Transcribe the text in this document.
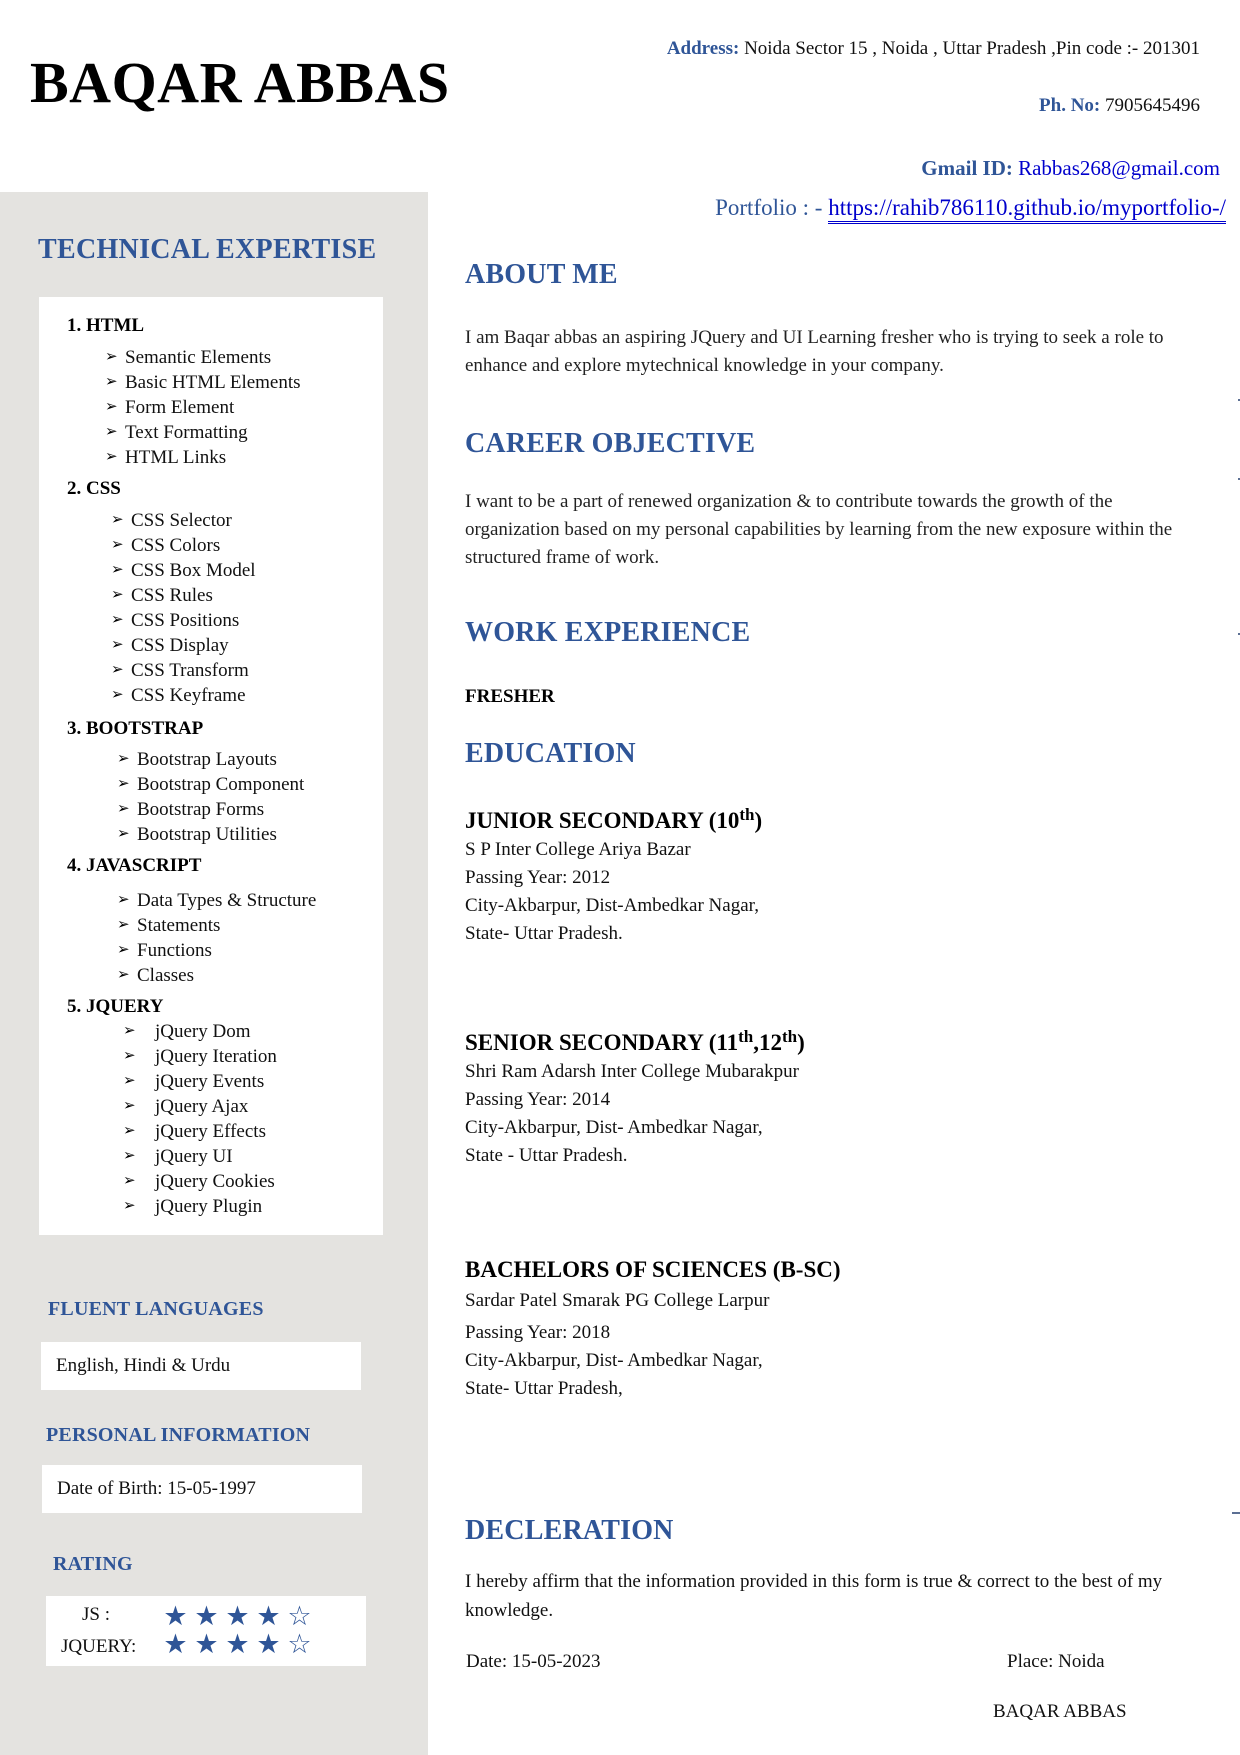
BAQAR ABBAS
Address: Noida Sector 15 , Noida , Uttar Pradesh ,Pin code :- 201301
Ph. No: 7905645496
Gmail ID: Rabbas268@gmail.com
Portfolio : - https://rahib786110.github.io/myportfolio-/
TECHNICAL EXPERTISE
1. HTML
➢ Semantic Elements
➢ Basic HTML Elements
➢ Form Element
➢ Text Formatting
➢ HTML Links
2. CSS
➢ CSS Selector
➢ CSS Colors
➢ CSS Box Model
➢ CSS Rules
➢ CSS Positions
➢ CSS Display
➢ CSS Transform
➢ CSS Keyframe
3. BOOTSTRAP
➢ Bootstrap Layouts
➢ Bootstrap Component
➢ Bootstrap Forms
➢ Bootstrap Utilities
4. JAVASCRIPT
➢ Data Types & Structure
➢ Statements
➢ Functions
➢ Classes
5. JQUERY
➢	jQuery Dom
➢	jQuery Iteration
➢	jQuery Events
➢	jQuery Ajax
➢	jQuery Effects
➢	jQuery UI
➢	jQuery Cookies
➢	jQuery Plugin
FLUENT LANGUAGES
English, Hindi & Urdu
PERSONAL INFORMATION
Date of Birth: 15-05-1997
RATING
JS : ★ ★ ★ ★ ☆
JQUERY: ★ ★ ★ ★ ☆
ABOUT ME
I am Baqar abbas an aspiring JQuery and UI Learning fresher who is trying to seek a role to enhance and explore mytechnical knowledge in your company.
CAREER OBJECTIVE
I want to be a part of renewed organization & to contribute towards the growth of the organization based on my personal capabilities by learning from the new exposure within the structured frame of work.
WORK EXPERIENCE
FRESHER
EDUCATION
JUNIOR SECONDARY (10th)
S P Inter College Ariya Bazar
Passing Year: 2012
City-Akbarpur, Dist-Ambedkar Nagar,
State- Uttar Pradesh.
SENIOR SECONDARY (11th,12th)
Shri Ram Adarsh Inter College Mubarakpur
Passing Year: 2014
City-Akbarpur, Dist- Ambedkar Nagar,
State - Uttar Pradesh.
BACHELORS OF SCIENCES (B-SC)
Sardar Patel Smarak PG College Larpur
Passing Year: 2018
City-Akbarpur, Dist- Ambedkar Nagar,
State- Uttar Pradesh,
DECLERATION
I hereby affirm that the information provided in this form is true & correct to the best of my knowledge.
Date: 15-05-2023	Place: Noida
BAQAR ABBAS
